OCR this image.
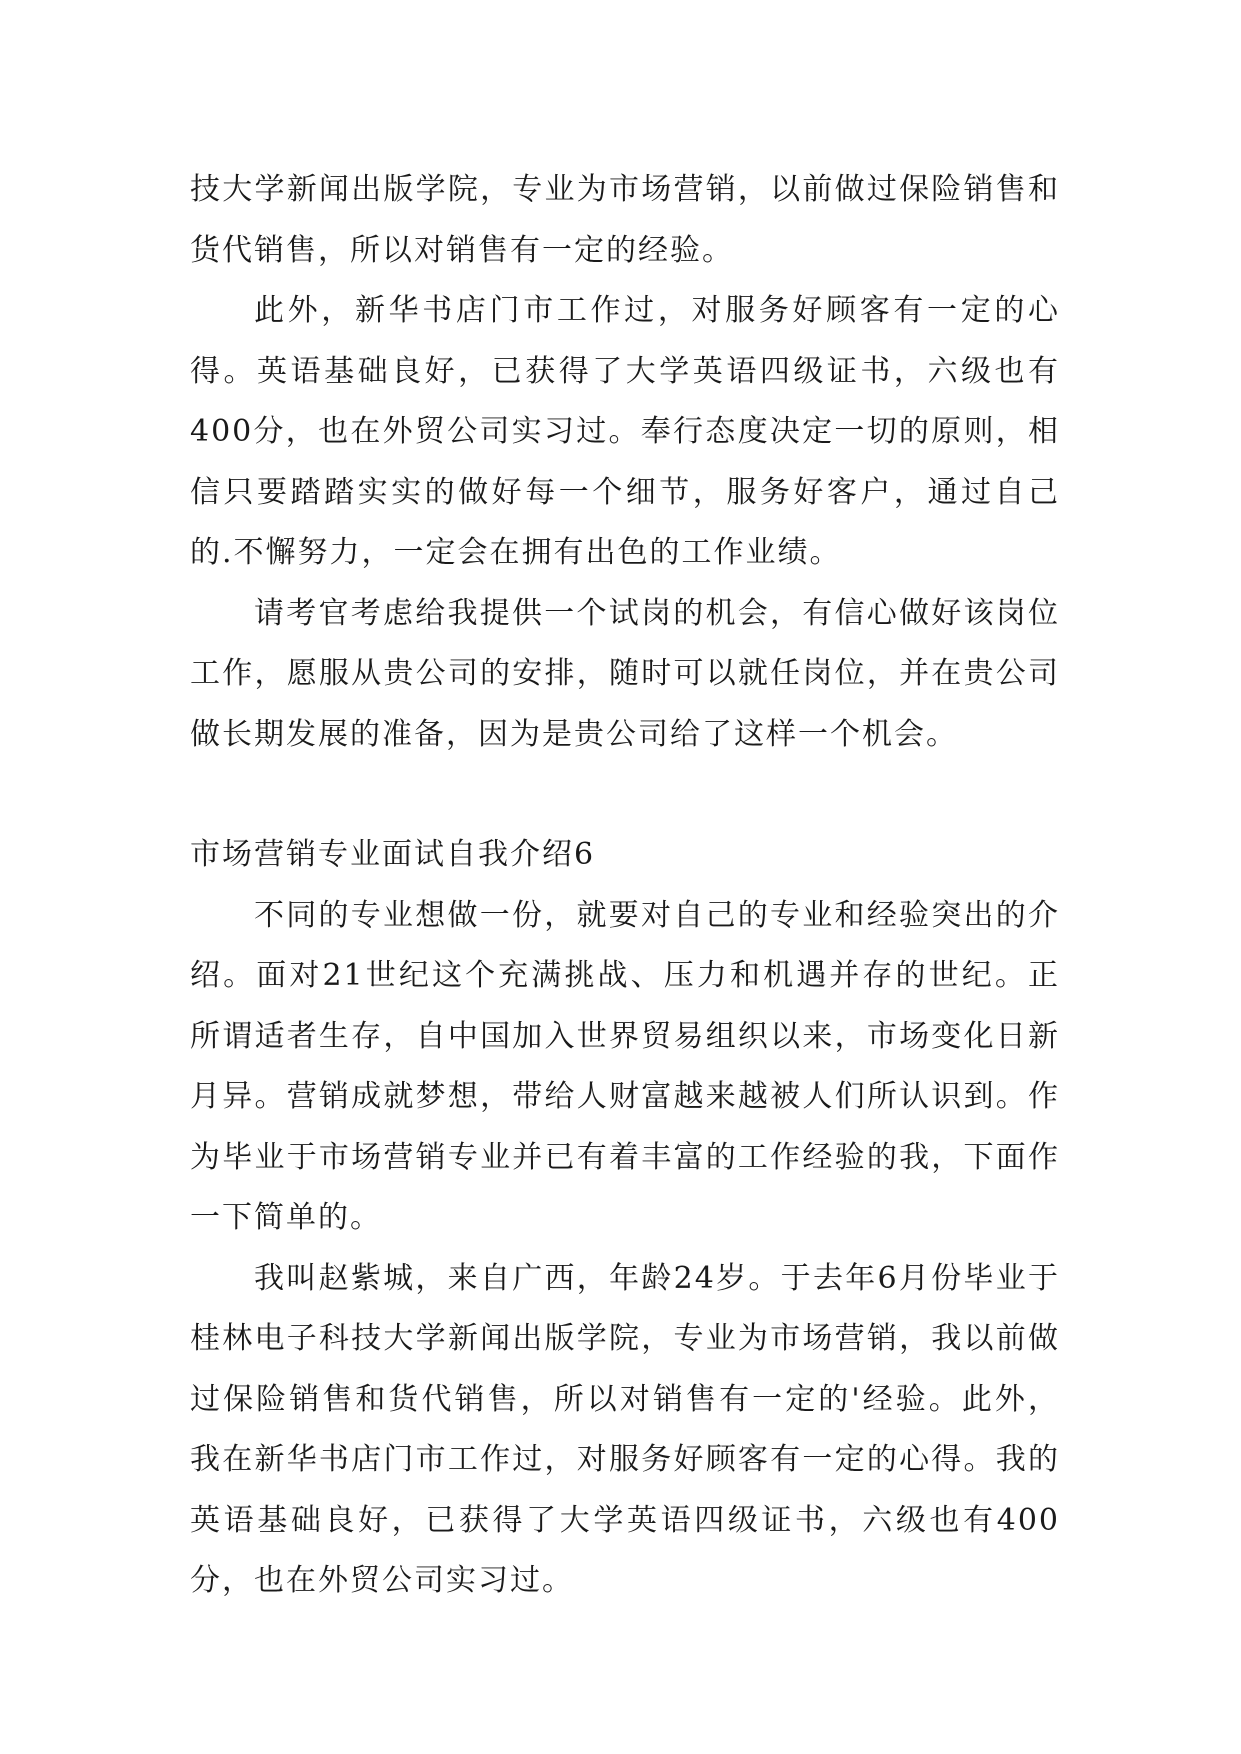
技大学新闻出版学院，专业为市场营销，以前做过保险销售和货代销售，所以对销售有一定的经验。

此外，新华书店门市工作过，对服务好顾客有一定的心得。英语基础良好，已获得了大学英语四级证书，六级也有400分，也在外贸公司实习过。奉行态度决定一切的原则，相信只要踏踏实实的做好每一个细节，服务好客户，通过自己的.不懈努力，一定会在拥有出色的工作业绩。

请考官考虑给我提供一个试岗的机会，有信心做好该岗位工作，愿服从贵公司的安排，随时可以就任岗位，并在贵公司做长期发展的准备，因为是贵公司给了这样一个机会。

市场营销专业面试自我介绍6

不同的专业想做一份，就要对自己的专业和经验突出的介绍。面对21世纪这个充满挑战、压力和机遇并存的世纪。正所谓适者生存，自中国加入世界贸易组织以来，市场变化日新月异。营销成就梦想，带给人财富越来越被人们所认识到。作为毕业于市场营销专业并已有着丰富的工作经验的我，下面作一下简单的。

我叫赵紫城，来自广西，年龄24岁。于去年6月份毕业于桂林电子科技大学新闻出版学院，专业为市场营销，我以前做过保险销售和货代销售，所以对销售有一定的'经验。此外，我在新华书店门市工作过，对服务好顾客有一定的心得。我的英语基础良好，已获得了大学英语四级证书，六级也有400分，也在外贸公司实习过。
